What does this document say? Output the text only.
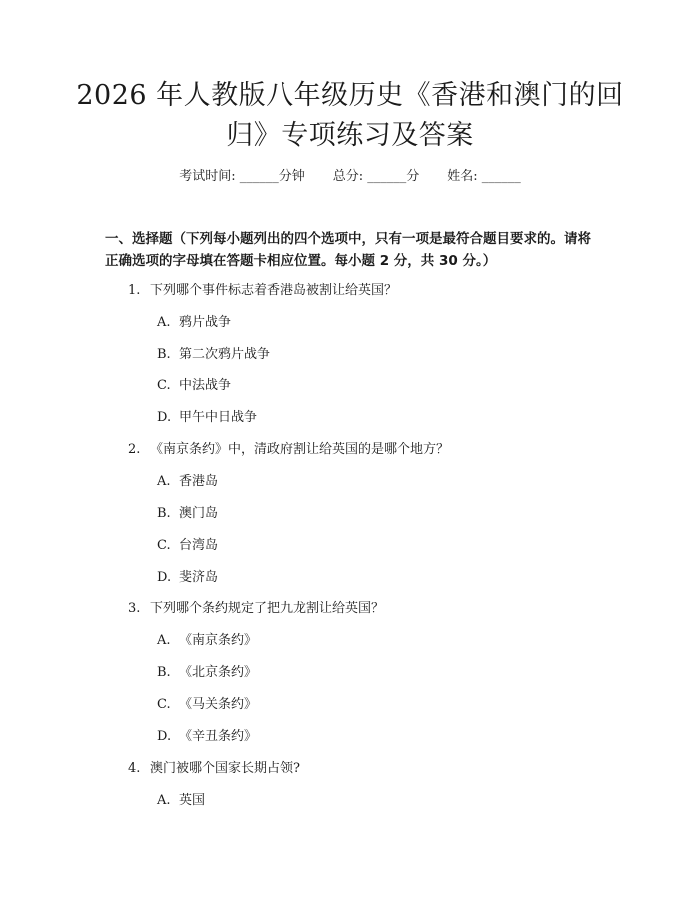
2026 年人教版八年级历史《香港和澳门的回
归》专项练习及答案
考试时间: ______分钟 总分: ______分 姓名: ______
一、选择题（下列每小题列出的四个选项中，只有一项是最符合题目要求的。请将正确选项的字母填在答题卡相应位置。每小题 2 分，共 30 分。）
1. 下列哪个事件标志着香港岛被割让给英国？
A. 鸦片战争
B. 第二次鸦片战争
C. 中法战争
D. 甲午中日战争
2. 《南京条约》中，清政府割让给英国的是哪个地方？
A. 香港岛
B. 澳门岛
C. 台湾岛
D. 斐济岛
3. 下列哪个条约规定了把九龙割让给英国？
A. 《南京条约》
B. 《北京条约》
C. 《马关条约》
D. 《辛丑条约》
4. 澳门被哪个国家长期占领?
A. 英国
